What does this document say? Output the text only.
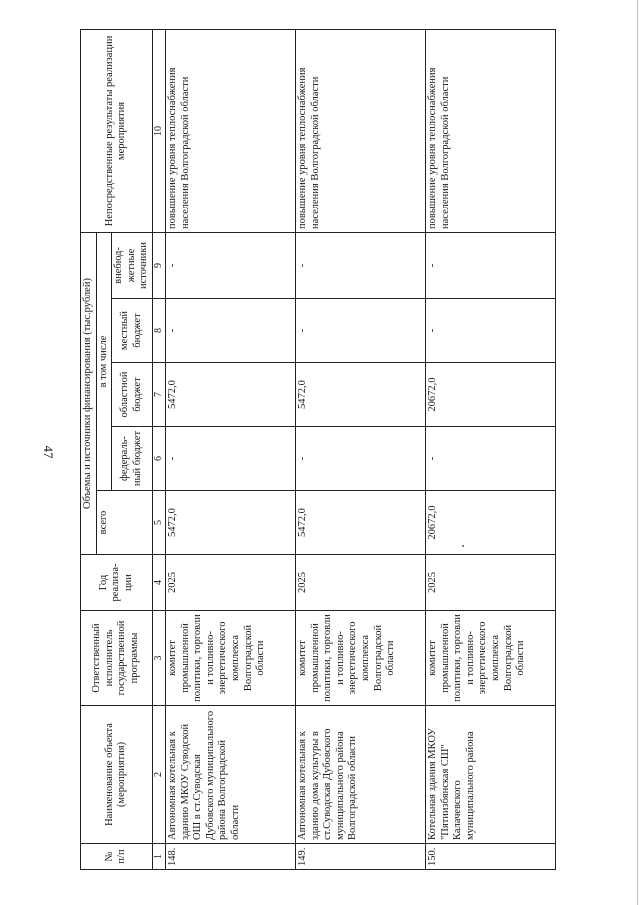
47
№ п/п	Наименование объекта (мероприятия)	Ответственный исполнитель государственной программы	Год реализа- ции	Объемы и источники финансирования (тыс.рублей)					Непосредственные результаты реализации мероприятия
				всего	в том числе				
					федераль- ный бюджет	областной бюджет	местный бюджет	внебюд- жетные источники	
1	2	3	4	5	6	7	8	9	10
148.	Автономная котельная к зданию МКОУ Суводской ОШ в ст.Суводская Дубовского муниципального района Волгоградской области	комитет промышленной политики, торговли и топливно-энергетического комплекса Волгоградской области	2025	5472,0	-	5472,0	-	-	повышение уровня теплоснабжения населения Волгоградской области
149.	Автономная котельная к зданию дома культуры в ст.Суводская Дубовского муниципального района Волгоградской области	комитет промышленной политики, торговли и топливно-энергетического комплекса Волгоградской области	2025	5472,0	-	5472,0	-	-	повышение уровня теплоснабжения населения Волгоградской области
150.	Котельная здания МКОУ "Пятиизбянская СШ" Калачевского муниципального района	комитет промышленной политики, торговли и топливно-энергетического комплекса Волгоградской области	2025	20672,0	-	20672,0	-	-	повышение уровня теплоснабжения населения Волгоградской области
